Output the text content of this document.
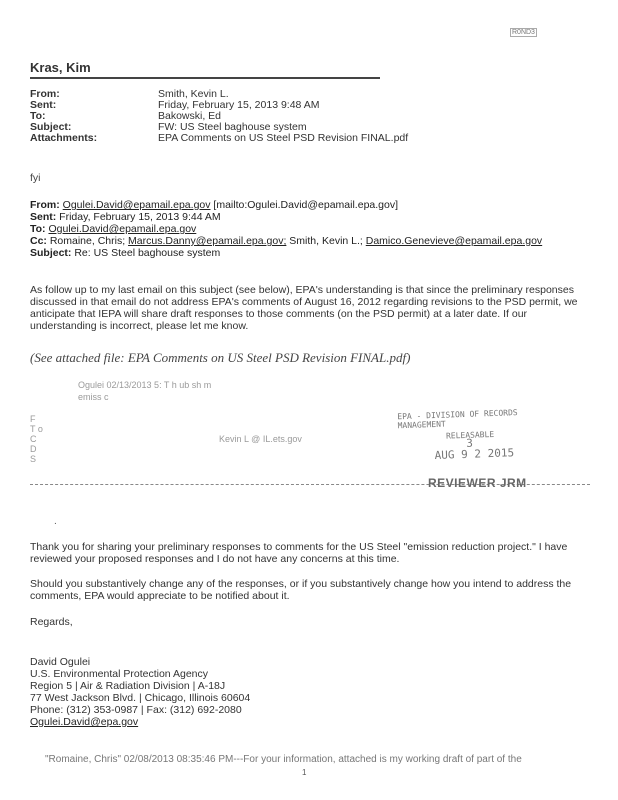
R0ND3
Kras, Kim
From:	Smith, Kevin L.
Sent:	Friday, February 15, 2013 9:48 AM
To:	Bakowski, Ed
Subject:	FW: US Steel baghouse system
Attachments:	EPA Comments on US Steel PSD Revision FINAL.pdf
fyi
From: Ogulei.David@epamail.epa.gov [mailto:Ogulei.David@epamail.epa.gov]
Sent: Friday, February 15, 2013 9:44 AM
To: Ogulei.David@epamail.epa.gov
Cc: Romaine, Chris; Marcus.Danny@epamail.epa.gov; Smith, Kevin L.; Damico.Genevieve@epamail.epa.gov
Subject: Re: US Steel baghouse system
As follow up to my last email on this subject (see below), EPA's understanding is that since the preliminary responses discussed in that email do not address EPA's comments of August 16, 2012 regarding revisions to the PSD permit, we anticipate that IEPA will share draft responses to those comments (on the PSD permit) at a later date. If our understanding is incorrect, please let me know.
(See attached file: EPA Comments on US Steel PSD Revision FINAL.pdf)
Ogulei 02/13/2013 5: T h ub sh m
emiss c
F
T o
C	Kevin L @ IL.ets.gov
D
S
EPA - DIVISION OF RECORDS MANAGEMENT
RELEASABLE
3
AUG 9 2 2015
REVIEWER JRM
.
Thank you for sharing your preliminary responses to comments for the US Steel "emission reduction project." I have reviewed your proposed responses and I do not have any concerns at this time.
Should you substantively change any of the responses, or if you substantively change how you intend to address the comments, EPA would appreciate to be notified about it.
Regards,
David Ogulei
U.S. Environmental Protection Agency
Region 5 | Air & Radiation Division | A-18J
77 West Jackson Blvd. | Chicago, Illinois 60604
Phone: (312) 353-0987 | Fax: (312) 692-2080
Ogulei.David@epa.gov
"Romaine, Chris" 02/08/2013 08:35:46 PM---For your information, attached is my working draft of part of the
1
